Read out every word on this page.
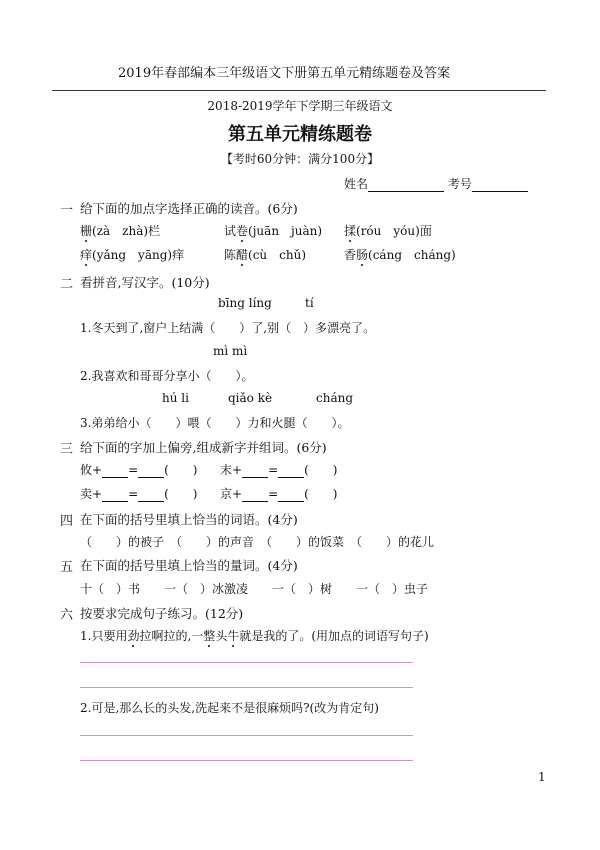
2019年春部编本三年级语文下册第五单元精练题卷及答案
2018-2019学年下学期三年级语文
第五单元精练题卷
【考时60分钟：满分100分】
姓名	考号
一 给下面的加点字选择正确的读音。(6分)
栅(zà　zhà)栏	试卷(juān　juàn) 揉(róu　yóu)面
痒(yǎng　yāng)痒	陈醋(cù　chǔ)	香肠(cáng　cháng)
二 看拼音,写汉字。(10分)
bīng líng	tí
1.冬天到了,窗户上结满（　　）了,别（　）多漂亮了。
mì mì
2.我喜欢和哥哥分享小（　　）。
hú li	qiǎo kè	cháng
3.弟弟给小（　　）喂（　　）力和火腿（　　）。
三 给下面的字加上偏旁,组成新字并组词。(6分)
攸+ = (　　) 末+ = (　　)
卖+ = (　　) 京+ = (　　)
四 在下面的括号里填上恰当的词语。(4分)
（　　）的被子　（　　）的声音　（　　）的饭菜　（　　）的花儿
五 在下面的括号里填上恰当的量词。(4分)
十（　）书　　一（　）冰激凌　　一（　）树　　一（　）虫子
六 按要求完成句子练习。(12分)
1.只要用劲拉啊拉的,一整头牛就是我的了。(用加点的词语写句子)
2.可是,那么长的头发,洗起来不是很麻烦吗?(改为肯定句)
1
